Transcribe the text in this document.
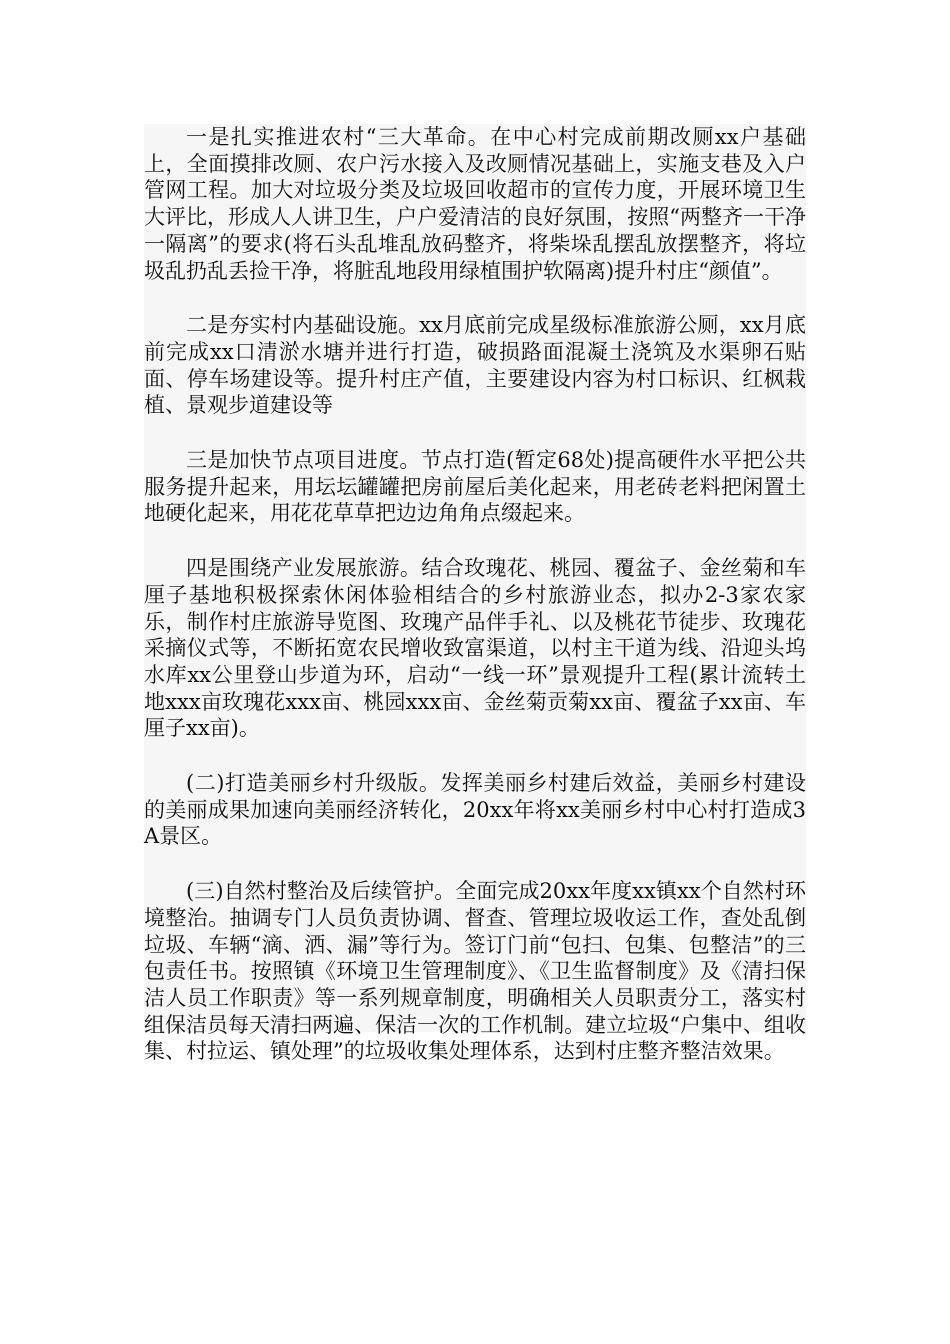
一是扎实推进农村“三大革命。在中心村完成前期改厕xx户基础上，全面摸排改厕、农户污水接入及改厕情况基础上，实施支巷及入户管网工程。加大对垃圾分类及垃圾回收超市的宣传力度，开展环境卫生大评比，形成人人讲卫生，户户爱清洁的良好氛围，按照“两整齐一干净一隔离”的要求(将石头乱堆乱放码整齐，将柴垛乱摆乱放摆整齐，将垃圾乱扔乱丢捡干净，将脏乱地段用绿植围护软隔离)提升村庄“颜值”。

二是夯实村内基础设施。xx月底前完成星级标准旅游公厕，xx月底前完成xx口清淤水塘并进行打造，破损路面混凝土浇筑及水渠卵石贴面、停车场建设等。提升村庄产值，主要建设内容为村口标识、红枫栽植、景观步道建设等

三是加快节点项目进度。节点打造(暂定68处)提高硬件水平把公共服务提升起来，用坛坛罐罐把房前屋后美化起来，用老砖老料把闲置土地硬化起来，用花花草草把边边角角点缀起来。

四是围绕产业发展旅游。结合玫瑰花、桃园、覆盆子、金丝菊和车厘子基地积极探索休闲体验相结合的乡村旅游业态，拟办2-3家农家乐，制作村庄旅游导览图、玫瑰产品伴手礼、以及桃花节徒步、玫瑰花采摘仪式等，不断拓宽农民增收致富渠道，以村主干道为线、沿迎头坞水库xx公里登山步道为环，启动“一线一环”景观提升工程(累计流转土地xxx亩玫瑰花xxx亩、桃园xxx亩、金丝菊贡菊xx亩、覆盆子xx亩、车厘子xx亩)。

(二)打造美丽乡村升级版。发挥美丽乡村建后效益，美丽乡村建设的美丽成果加速向美丽经济转化，20xx年将xx美丽乡村中心村打造成3A景区。

(三)自然村整治及后续管护。全面完成20xx年度xx镇xx个自然村环境整治。抽调专门人员负责协调、督查、管理垃圾收运工作，查处乱倒垃圾、车辆“滴、洒、漏”等行为。签订门前“包扫、包集、包整洁”的三包责任书。按照镇《环境卫生管理制度》、《卫生监督制度》及《清扫保洁人员工作职责》等一系列规章制度，明确相关人员职责分工，落实村组保洁员每天清扫两遍、保洁一次的工作机制。建立垃圾“户集中、组收集、村拉运、镇处理”的垃圾收集处理体系，达到村庄整齐整洁效果。
